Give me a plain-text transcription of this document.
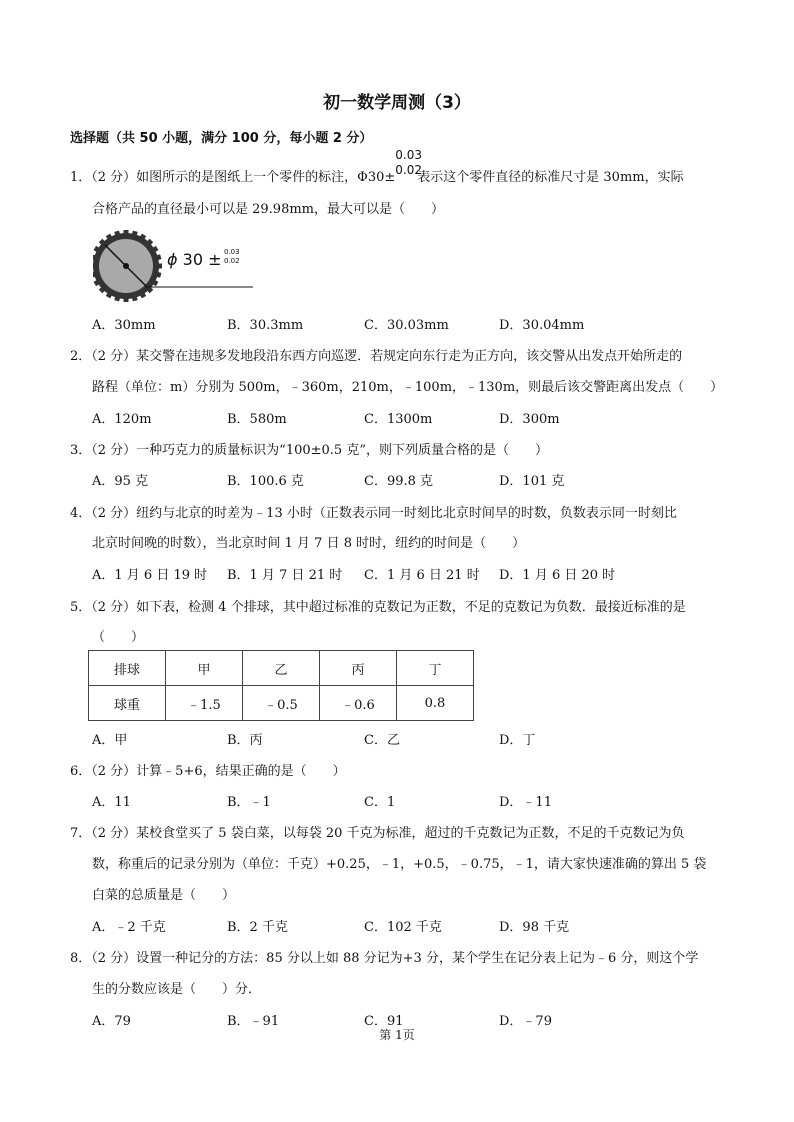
初一数学周测（3）
选择题（共 50 小题，满分 100 分，每小题 2 分）
1．（2 分）如图所示的是图纸上一个零件的标注，Φ30±
0.03
0.02
表示这个零件直径的标准尺寸是 30mm，实际
合格产品的直径最小可以是 29.98mm，最大可以是（　　）
ϕ 30 ± 0.03
0.02
A．30mm	B．30.3mm	C．30.03mm	D．30.04mm
2．（2 分）某交警在违规多发地段沿东西方向巡逻．若规定向东行走为正方向，该交警从出发点开始所走的
路程（单位：m）分别为 500m，﹣360m，210m，﹣100m，﹣130m，则最后该交警距离出发点（　　）
A．120m	B．580m	C．1300m	D．300m
3．（2 分）一种巧克力的质量标识为“100±0.5 克”，则下列质量合格的是（　　）
A．95 克	B．100.6 克	C．99.8 克	D．101 克
4．（2 分）纽约与北京的时差为﹣13 小时（正数表示同一时刻比北京时间早的时数，负数表示同一时刻比
北京时间晚的时数），当北京时间 1 月 7 日 8 时时，纽约的时间是（　　）
A．1 月 6 日 19 时 B．1 月 7 日 21 时 C．1 月 6 日 21 时 D．1 月 6 日 20 时
5．（2 分）如下表，检测 4 个排球，其中超过标准的克数记为正数，不足的克数记为负数．最接近标准的是
（　　）
排球	甲	乙	丙	丁
球重	﹣1.5	﹣0.5	﹣0.6	0.8
A．甲	B．丙	C．乙	D．丁
6．（2 分）计算﹣5+6，结果正确的是（　　）
A．11	B．﹣1	C．1	D．﹣11
7．（2 分）某校食堂买了 5 袋白菜，以每袋 20 千克为标准，超过的千克数记为正数，不足的千克数记为负
数，称重后的记录分别为（单位：千克）+0.25，﹣1，+0.5，﹣0.75，﹣1，请大家快速准确的算出 5 袋
白菜的总质量是（　　）
A．﹣2 千克	B．2 千克	C．102 千克	D．98 千克
8．（2 分）设置一种记分的方法：85 分以上如 88 分记为+3 分，某个学生在记分表上记为﹣6 分，则这个学
生的分数应该是（　　）分．
A．79	B．﹣91	C．91	D．﹣79
第 1页
